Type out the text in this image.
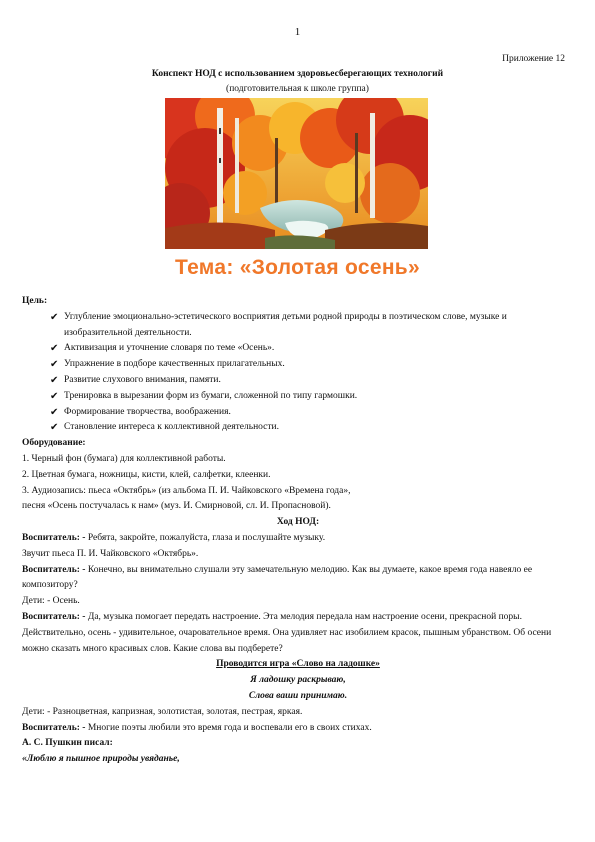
1
Приложение 12
Конспект НОД с использованием здоровьесберегающих технологий
(подготовительная к школе группа)
Тема: «Золотая осень»

Цель:

✔ Углубление эмоционально-эстетического восприятия детьми родной природы в поэтическом слове, музыке и изобразительной деятельности.
✔ Активизация и уточнение словаря по теме «Осень».
✔ Упражнение в подборе качественных прилагательных.
✔ Развитие слухового внимания, памяти.
✔ Тренировка в вырезании форм из бумаги, сложенной по типу гармошки.
✔ Формирование творчества, воображения.
✔ Становление интереса к коллективной деятельности.

Оборудование:

1. Черный фон (бумага) для коллективной работы.

2. Цветная бумага, ножницы, кисти, клей, салфетки, клеенки.

3. Аудиозапись: пьеса «Октябрь» (из альбома П. И. Чайковского «Времена года»,

песня «Осень постучалась к нам» (муз. И. Смирновой, сл. И. Пропасновой).

Ход НОД:

Воспитатель: - Ребята, закройте, пожалуйста, глаза и послушайте музыку.

Звучит пьеса П. И. Чайковского «Октябрь».

Воспитатель: - Конечно, вы внимательно слушали эту замечательную мелодию. Как вы думаете, какое время года навеяло ее композитору?

Дети: - Осень.

Воспитатель: - Да, музыка помогает передать настроение. Эта мелодия передала нам настроение осени, прекрасной поры.

Действительно, осень - удивительное, очаровательное время. Она удивляет нас изобилием красок, пышным убранством. Об осени можно сказать много красивых слов. Какие слова вы подберете?

Проводится игра «Слово на ладошке»

Я ладошку раскрываю,

Слова ваши принимаю.

Дети: - Разноцветная, капризная, золотистая, золотая, пестрая, яркая.

Воспитатель: - Многие поэты любили это время года и воспевали его в своих стихах.

А. С. Пушкин писал:

«Люблю я пышное природы увяданье,
